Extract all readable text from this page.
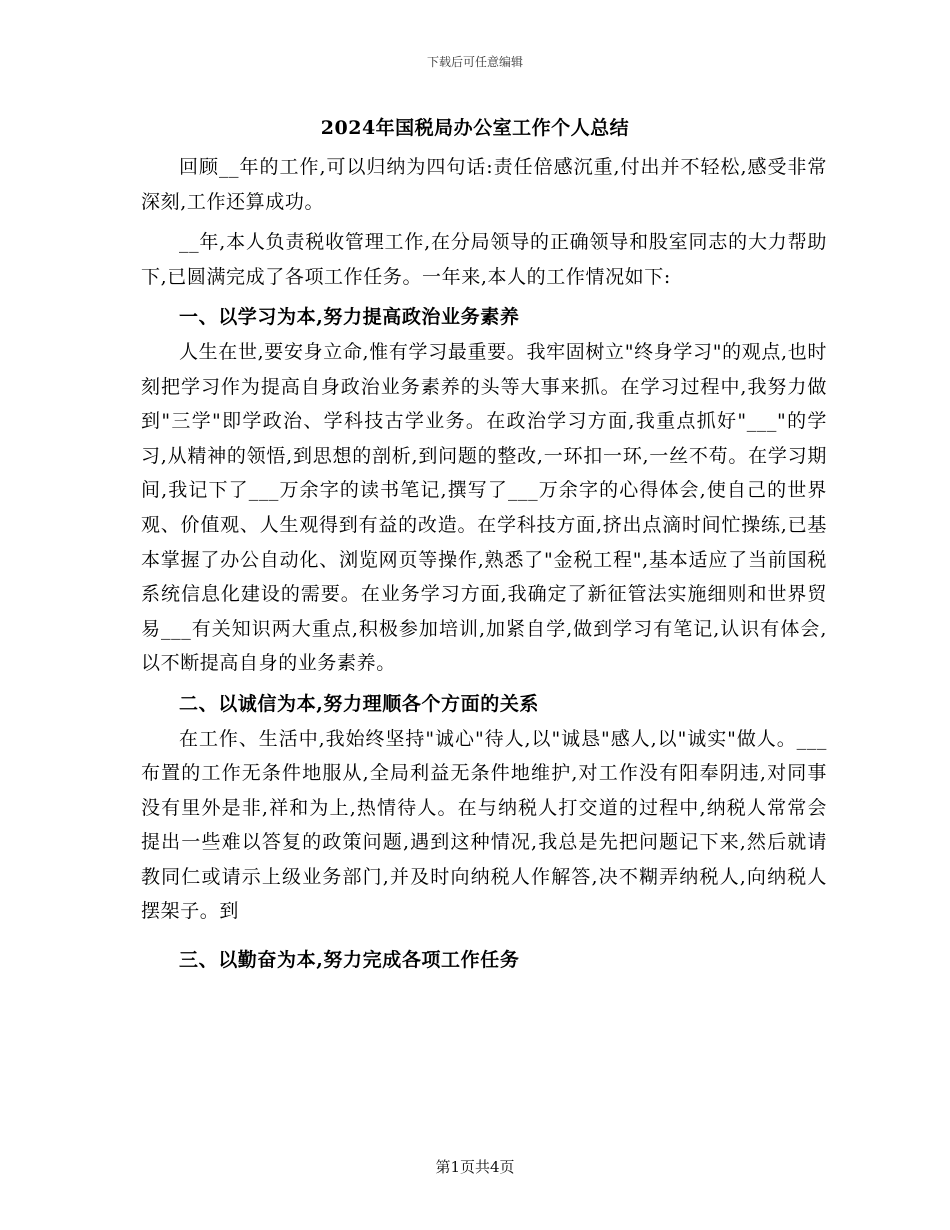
下载后可任意编辑
2024年国税局办公室工作个人总结

回顾__年的工作,可以归纳为四句话:责任倍感沉重,付出并不轻松,感受非常深刻,工作还算成功。

__年,本人负责税收管理工作,在分局领导的正确领导和股室同志的大力帮助下,已圆满完成了各项工作任务。一年来,本人的工作情况如下:

一、以学习为本,努力提高政治业务素养

人生在世,要安身立命,惟有学习最重要。我牢固树立"终身学习"的观点,也时刻把学习作为提高自身政治业务素养的头等大事来抓。在学习过程中,我努力做到"三学"即学政治、学科技古学业务。在政治学习方面,我重点抓好"___"的学习,从精神的领悟,到思想的剖析,到问题的整改,一环扣一环,一丝不苟。在学习期间,我记下了___万余字的读书笔记,撰写了___万余字的心得体会,使自己的世界观、价值观、人生观得到有益的改造。在学科技方面,挤出点滴时间忙操练,已基本掌握了办公自动化、浏览网页等操作,熟悉了"金税工程",基本适应了当前国税系统信息化建设的需要。在业务学习方面,我确定了新征管法实施细则和世界贸易___有关知识两大重点,积极参加培训,加紧自学,做到学习有笔记,认识有体会,以不断提高自身的业务素养。

二、以诚信为本,努力理顺各个方面的关系

在工作、生活中,我始终坚持"诚心"待人,以"诚恳"感人,以"诚实"做人。___布置的工作无条件地服从,全局利益无条件地维护,对工作没有阳奉阴违,对同事没有里外是非,祥和为上,热情待人。在与纳税人打交道的过程中,纳税人常常会提出一些难以答复的政策问题,遇到这种情况,我总是先把问题记下来,然后就请教同仁或请示上级业务部门,并及时向纳税人作解答,决不糊弄纳税人,向纳税人摆架子。到

三、以勤奋为本,努力完成各项工作任务

第1页共4页
